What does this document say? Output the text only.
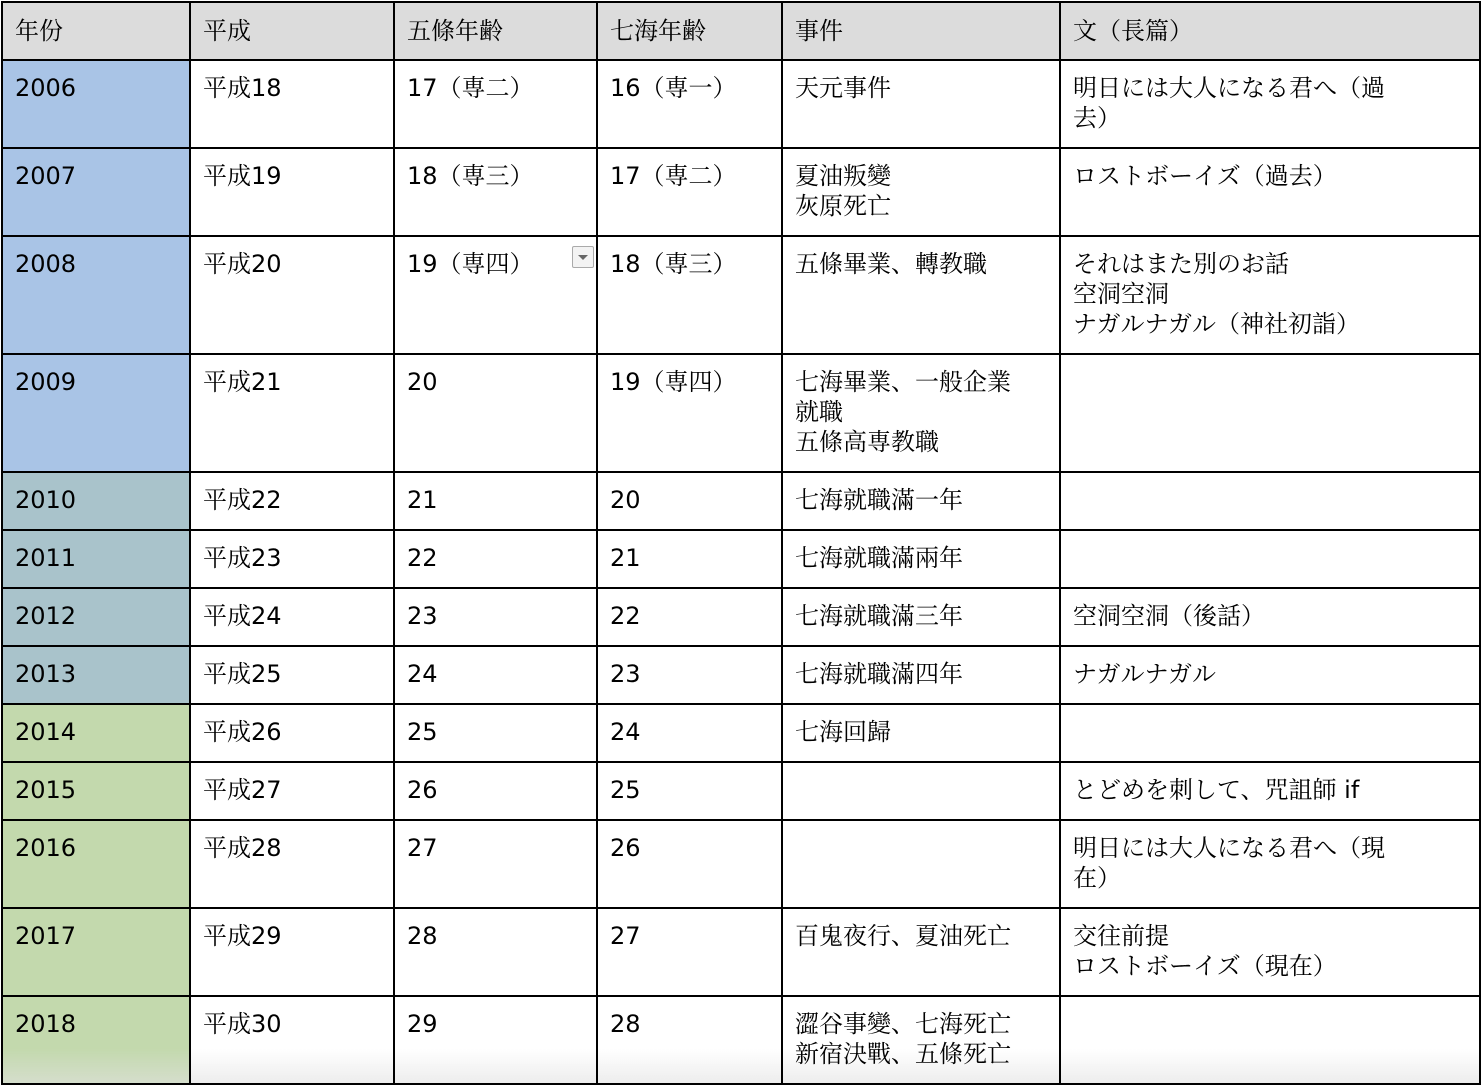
年份	平成	五條年齢	七海年齢	事件	文（長篇）
2006	平成18	17（専二）	16（専一）	天元事件	明日には大人になる君へ（過
去）
2007	平成19	18（専三）	17（専二）	夏油叛變
灰原死亡	ロストボーイズ（過去）
2008	平成20	19（専四）	18（専三）	五條畢業、轉教職	それはまた別のお話
空洞空洞
ナガルナガル（神社初詣）
2009	平成21	20	19（専四）	七海畢業、一般企業
就職
五條高専教職	
2010	平成22	21	20	七海就職滿一年	
2011	平成23	22	21	七海就職滿兩年	
2012	平成24	23	22	七海就職滿三年	空洞空洞（後話）
2013	平成25	24	23	七海就職滿四年	ナガルナガル
2014	平成26	25	24	七海回歸	
2015	平成27	26	25		とどめを刺して、咒詛師 if
2016	平成28	27	26		明日には大人になる君へ（現
在）
2017	平成29	28	27	百鬼夜行、夏油死亡	交往前提
ロストボーイズ（現在）
2018	平成30	29	28	澀谷事變、七海死亡
新宿決戰、五條死亡	
